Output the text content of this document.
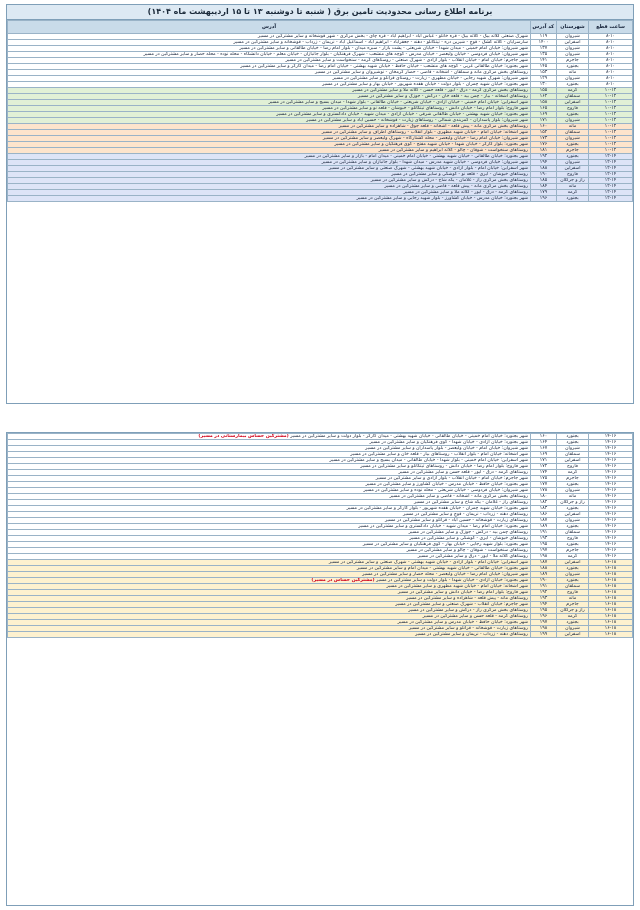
برنامه اطلاع رسانی محدودیت تامین برق ( شنبه تا دوشنبه ۱۳ تا ۱۵ اردیبهشت ماه ۱۴۰۴)
ساعت قطع	شهرستان	کد آدرس	آدرس
۸-۱۰	شیروان	۱۱۹	شهرک صنعتی کلاته بیگ - کلاته بیگ - قره خانلو - عباس آباد - ابراهیم آباد - قره چای - بخش مرکزی - شهر قوشخانه و سایر مشترکین در مسیر
۸-۱۰	اسفراین	۱۴۰۰	سارسرایان - کلاته کشک - قوچ - شیرین دره - تیتکانلو - دهنه - جعفرآباد - ابراهیم آباد - اسماعیل آباد - نریمان - زرداب - قوشخانه و سایر مشترکین در مسیر
۸-۱۰	شیروان	۱۳۷	شهر شیروان: خیابان امام خمینی - میدان شهدا - خیابان شریعتی - پشت بازار - سبزه میدان - بلوار امام رضا - خیابان طالقانی و سایر مشترکین در مسیر
۸-۱۰	شیروان	۱۳۵	شهر شیروان: خیابان فردوسی - خیابان ولیعصر - خیابان مدرس - کوچه های منشعب - شهرک فرهنگیان - بلوار جانبازان - خیابان معلم - خیابان دانشگاه - محله نوده - محله حصار و سایر مشترکین در مسیر
۸-۱۰	جاجرم	۱۴۱	شهر جاجرم: خیابان امام - خیابان انقلاب - بلوار آزادی - شهرک صنعتی - روستاهای گرمه - سنخواست و سایر مشترکین در مسیر
۸-۱۰	بجنورد	۱۴۵	شهر بجنورد: خیابان طالقانی غربی - کوچه های منشعب - خیابان حافظ - خیابان شهید بهشتی - خیابان امام رضا - میدان کارگر و سایر مشترکین در مسیر
۸-۱۰	مانه	۱۵۳	روستاهای بخش مرکزی مانه و سملقان - آشخانه - قاضی - حصار گرمخان - نوشیروان و سایر مشترکین در مسیر
۸-۱۰	شیروان	۱۲۹	شهر شیروان: شهرک شهید رجایی - خیابان مطهری - زیارت - روستای قرانلو و سایر مشترکین در مسیر
۸-۱۰	بجنورد	۱۳۰	شهر بجنورد: خیابان شهید چمران - بلوار دولت - خیابان هفده شهریور - خیابان بهار و سایر مشترکین در مسیر
۱۰-۱۲	گرمه	۱۵۵	روستاهای بخش مرکزی گرمه - درق - ایور - قلعه حسن - کلاته ملا و سایر مشترکین در مسیر
۱۰-۱۲	سملقان	۱۶۲	روستاهای آشخانه - بیار - چمن بید - قلعه خان - درکش - جوزک و سایر مشترکین در مسیر
۱۰-۱۲	اسفراین	۱۵۸	شهر اسفراین: خیابان امام خمینی - خیابان آزادی - خیابان شریعتی - خیابان طالقانی - بلوار شهدا - میدان بسیج و سایر مشترکین در مسیر
۱۰-۱۲	فاروج	۱۶۵	شهر فاروج: بلوار امام رضا - خیابان دانش - روستاهای تیتکانلو - خبوشان - قلعه نو و سایر مشترکین در مسیر
۱۰-۱۲	بجنورد	۱۶۹	شهر بجنورد: خیابان شهید بهشتی - خیابان طالقانی شرقی - خیابان آزادی - میدان شهید - خیابان دادگستری و سایر مشترکین در مسیر
۱۰-۱۲	شیروان	۱۷۱	شهر شیروان: بلوار پاسداران - کمربندی شمالی - روستاهای زیارت - قوشخانه - حسین آباد و سایر مشترکین در مسیر
۱۰-۱۲	مانه	۱۶۰	روستاهای بخش مرکزی مانه - پیش قلعه - آشخانه - قلعه جوق - شاهزاده و سایر مشترکین در مسیر
۱۰-۱۲	سملقان	۱۵۲	شهر آشخانه: خیابان امام - خیابان شهید مطهری - بلوار انقلاب - روستاهای اطراف و سایر مشترکین در مسیر
۱۰-۱۲	شیروان	۱۷۳	شهر شیروان: خیابان امام رضا - خیابان ولیعصر - محله کشتارگاه - شهرک ولیعصر و سایر مشترکین در مسیر
۱۰-۱۲	بجنورد	۱۷۶	شهر بجنورد: بلوار کارگر - خیابان شهدا - خیابان شهید مفتح - کوی فرهنگیان و سایر مشترکین در مسیر
۱۰-۱۲	جاجرم	۱۸۱	روستاهای سنخواست - شوقان - چالو - کلاته ابراهیم و سایر مشترکین در مسیر
۱۲-۱۴	بجنورد	۱۹۲	شهر بجنورد: خیابان طالقانی - خیابان شهید بهشتی - خیابان امام خمینی - میدان امام - بازار و سایر مشترکین در مسیر
۱۲-۱۴	شیروان	۱۹۴	شهر شیروان: خیابان فردوسی - خیابان شهید مدرس - میدان شهدا - بلوار جانبازان و سایر مشترکین در مسیر
۱۲-۱۴	اسفراین	۱۸۸	شهر اسفراین: خیابان امام - بلوار آزادی - خیابان شهید بهشتی - شهرک صنعتی و سایر مشترکین در مسیر
۱۲-۱۴	فاروج	۱۹۰	روستاهای خبوشان - ایزی - قلعه نو - کوشکی و سایر مشترکین در مسیر
۱۲-۱۴	راز و جرگلان	۱۸۵	روستاهای بخش مرکزی راز - غلامان - یکه شاخ - درکش و سایر مشترکین در مسیر
۱۲-۱۴	مانه	۱۸۴	روستاهای بخش مرکزی مانه - پیش قلعه - قاضی و سایر مشترکین در مسیر
۱۲-۱۴	گرمه	۱۷۹	روستاهای گرمه - درق - ایور - کلاته ملا و سایر مشترکین در مسیر
۱۲-۱۴	بجنورد	۱۹۶	شهر بجنورد: خیابان مدرس - خیابان کشاورز - بلوار شهید رجایی و سایر مشترکین در مسیر
۱۴-۱۶	بجنورد	۱۶۰	شهر بجنورد: خیابان امام خمینی - خیابان طالقانی - خیابان شهید بهشتی - میدان کارگر - بلوار دولت و سایر مشترکین در مسیر (مشترکین حساس بیمارستانی در مسیر)
۱۴-۱۶	بجنورد	۱۶۴	شهر بجنورد: خیابان آزادی - خیابان شهدا - کوی فرهنگیان و سایر مشترکین در مسیر
۱۴-۱۶	شیروان	۱۶۷	شهر شیروان: خیابان امام - خیابان ولیعصر - بلوار پاسداران و سایر مشترکین در مسیر
۱۴-۱۶	سملقان	۱۶۹	شهر آشخانه: خیابان امام - بلوار انقلاب - روستاهای بیار - قلعه خان و سایر مشترکین در مسیر
۱۴-۱۶	اسفراین	۱۷۱	شهر اسفراین: خیابان امام خمینی - بلوار شهدا - خیابان طالقانی - میدان بسیج و سایر مشترکین در مسیر
۱۴-۱۶	فاروج	۱۷۲	شهر فاروج: بلوار امام رضا - خیابان دانش - روستاهای تیتکانلو و سایر مشترکین در مسیر
۱۴-۱۶	گرمه	۱۷۴	روستاهای گرمه - درق - ایور - قلعه حسن و سایر مشترکین در مسیر
۱۴-۱۶	جاجرم	۱۷۵	شهر جاجرم: خیابان امام - خیابان انقلاب - بلوار آزادی و سایر مشترکین در مسیر
۱۴-۱۶	بجنورد	۱۷۷	شهر بجنورد: خیابان حافظ - خیابان مدرس - خیابان کشاورز و سایر مشترکین در مسیر
۱۴-۱۶	شیروان	۱۷۸	شهر شیروان: خیابان فردوسی - خیابان شریعتی - محله نوده و سایر مشترکین در مسیر
۱۴-۱۶	مانه	۱۸۰	روستاهای بخش مرکزی مانه - آشخانه - قاضی و سایر مشترکین در مسیر
۱۴-۱۶	راز و جرگلان	۱۸۲	روستاهای راز - غلامان - یکه شاخ و سایر مشترکین در مسیر
۱۴-۱۶	بجنورد	۱۸۳	شهر بجنورد: خیابان شهید چمران - خیابان هفده شهریور - بلوار کارگر و سایر مشترکین در مسیر
۱۴-۱۶	اسفراین	۱۸۶	روستاهای دهنه - زرداب - نریمان - قوچ و سایر مشترکین در مسیر
۱۴-۱۶	شیروان	۱۸۷	روستاهای زیارت - قوشخانه - حسین آباد - قرانلو و سایر مشترکین در مسیر
۱۴-۱۶	بجنورد	۱۸۹	شهر بجنورد: خیابان امام رضا - میدان شهید - خیابان دادگستری و سایر مشترکین در مسیر
۱۴-۱۶	سملقان	۱۹۱	روستاهای چمن بید - درکش - جوزک و سایر مشترکین در مسیر
۱۴-۱۶	فاروج	۱۹۳	روستاهای خبوشان - ایزی - کوشکی و سایر مشترکین در مسیر
۱۴-۱۶	بجنورد	۱۹۵	شهر بجنورد: بلوار شهید رجایی - خیابان بهار - کوی فرهنگیان و سایر مشترکین در مسیر
۱۴-۱۶	جاجرم	۱۹۷	روستاهای سنخواست - شوقان - چالو و سایر مشترکین در مسیر
۱۴-۱۶	گرمه	۱۹۸	روستاهای کلاته ملا - ایور - درق و سایر مشترکین در مسیر
۱۶-۱۸	اسفراین	۱۸۷	شهر اسفراین: خیابان امام - بلوار آزادی - خیابان شهید بهشتی - شهرک صنعتی و سایر مشترکین در مسیر
۱۶-۱۸	بجنورد	۱۸۸	شهر بجنورد: خیابان طالقانی - خیابان شهید بهشتی - میدان امام و سایر مشترکین در مسیر
۱۶-۱۸	شیروان	۱۸۹	شهر شیروان: خیابان امام رضا - خیابان ولیعصر - محله حصار و سایر مشترکین در مسیر
۱۶-۱۸	بجنورد	۱۹۰	شهر بجنورد: خیابان آزادی - خیابان شهدا - بلوار دولت و سایر مشترکین در مسیر (مشترکین حساس در مسیر)
۱۶-۱۸	سملقان	۱۹۱	شهر آشخانه: خیابان امام - خیابان شهید مطهری و سایر مشترکین در مسیر
۱۶-۱۸	فاروج	۱۹۲	شهر فاروج: بلوار امام رضا - خیابان دانش و سایر مشترکین در مسیر
۱۶-۱۸	مانه	۱۹۳	روستاهای مانه - پیش قلعه - شاهزاده و سایر مشترکین در مسیر
۱۶-۱۸	جاجرم	۱۹۴	شهر جاجرم: خیابان انقلاب - شهرک صنعتی و سایر مشترکین در مسیر
۱۶-۱۸	راز و جرگلان	۱۹۵	روستاهای بخش مرکزی راز - درکش و سایر مشترکین در مسیر
۱۶-۱۸	گرمه	۱۹۶	روستاهای گرمه - قلعه حسن و سایر مشترکین در مسیر
۱۶-۱۸	بجنورد	۱۹۷	شهر بجنورد: خیابان حافظ - خیابان مدرس و سایر مشترکین در مسیر
۱۶-۱۸	شیروان	۱۹۸	روستاهای زیارت - قوشخانه - قرانلو و سایر مشترکین در مسیر
۱۶-۱۸	اسفراین	۱۹۹	روستاهای دهنه - زرداب - نریمان و سایر مشترکین در مسیر
